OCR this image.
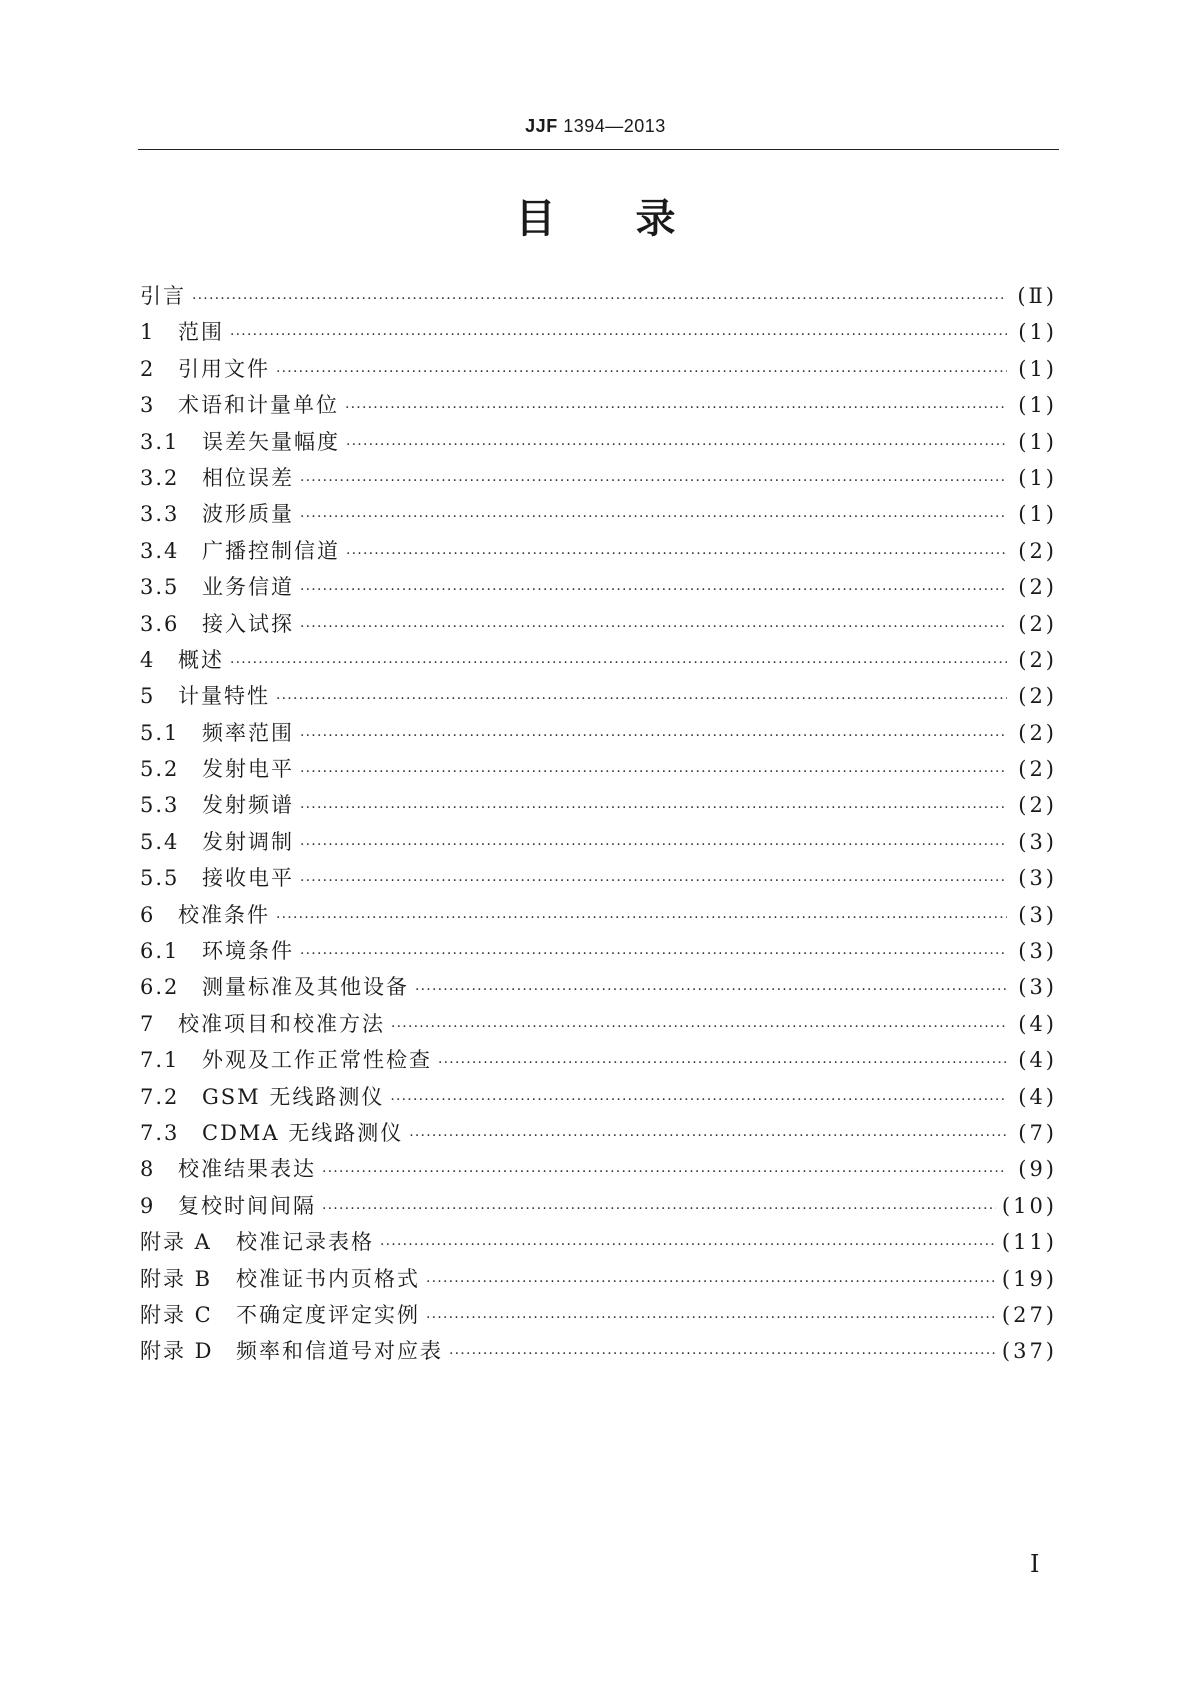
JJF 1394—2013
目 录
引言 ·····	(Ⅱ)
1	范围 ·····	(1)
2	引用文件 ·····	(1)
3	术语和计量单位 ·····	(1)
3.1	误差矢量幅度 ·····	(1)
3.2	相位误差 ·····	(1)
3.3	波形质量 ·····	(1)
3.4	广播控制信道 ·····	(2)
3.5	业务信道 ·····	(2)
3.6	接入试探 ·····	(2)
4	概述 ·····	(2)
5	计量特性 ·····	(2)
5.1	频率范围 ·····	(2)
5.2	发射电平 ·····	(2)
5.3	发射频谱 ·····	(2)
5.4	发射调制 ·····	(3)
5.5	接收电平 ·····	(3)
6	校准条件 ·····	(3)
6.1	环境条件 ·····	(3)
6.2	测量标准及其他设备 ·····	(3)
7	校准项目和校准方法 ·····	(4)
7.1	外观及工作正常性检查 ·····	(4)
7.2	GSM 无线路测仪 ·····	(4)
7.3	CDMA 无线路测仪 ·····	(7)
8	校准结果表达 ·····	(9)
9	复校时间间隔 ·····	(10)
附录 A	校准记录表格 ·····	(11)
附录 B	校准证书内页格式 ·····	(19)
附录 C	不确定度评定实例 ·····	(27)
附录 D	频率和信道号对应表 ·····	(37)
I
